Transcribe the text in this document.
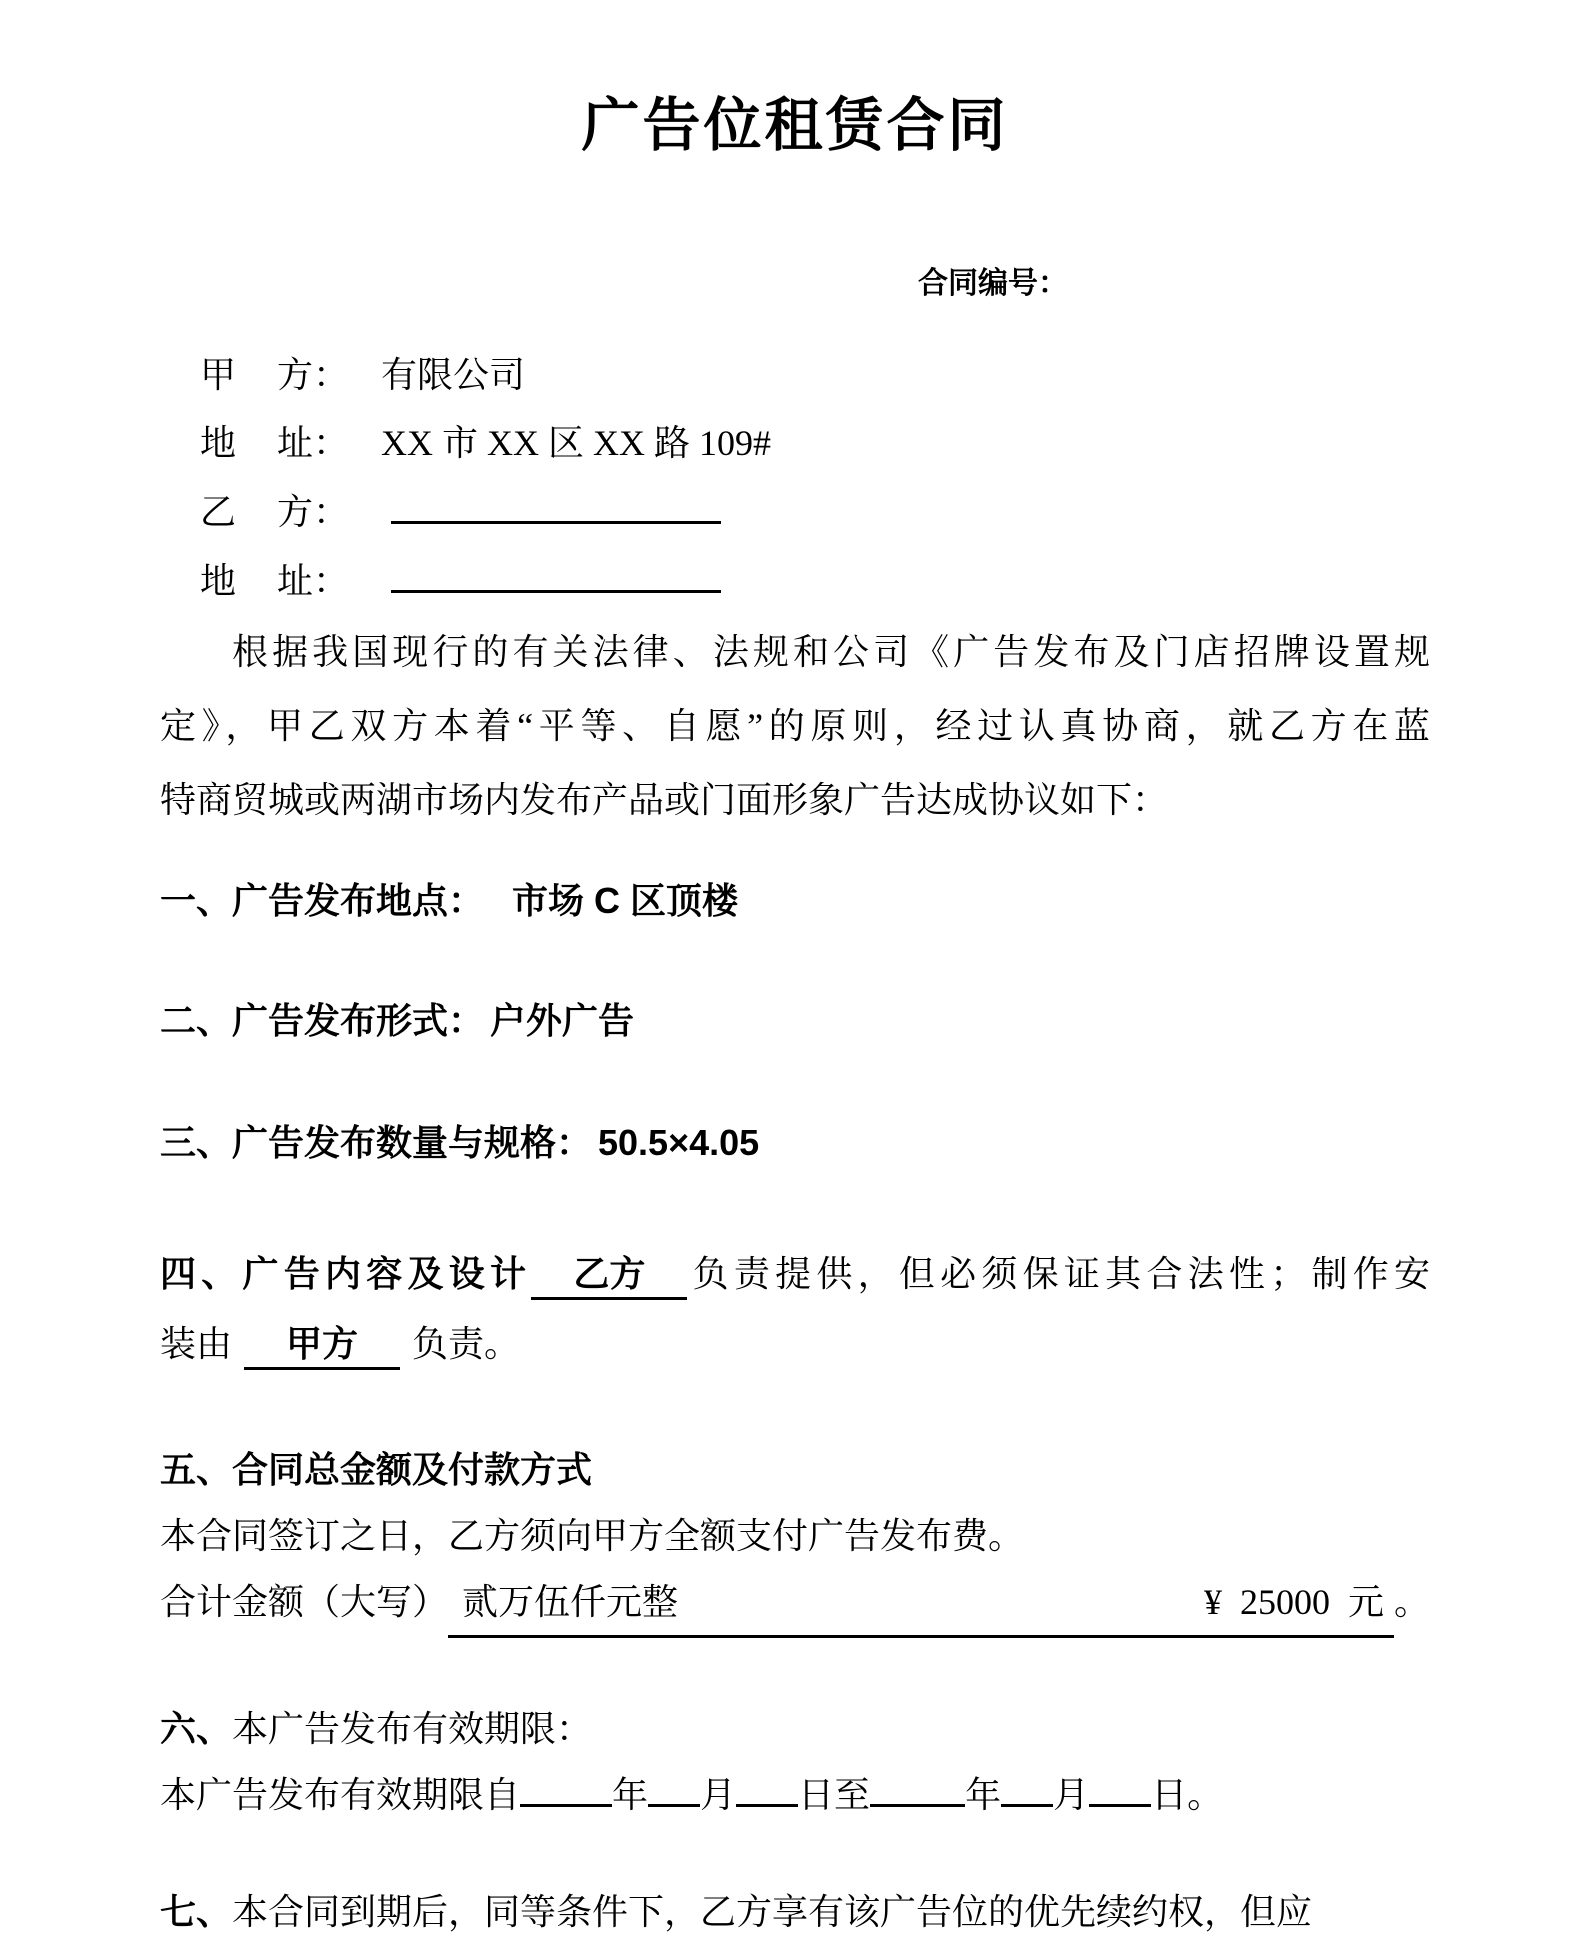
广告位租赁合同
合同编号：
甲 方： 有限公司
地 址： XX 市 XX 区 XX 路 109#
乙 方：
地 址：
根据我国现行的有关法律、法规和公司《广告发布及门店招牌设置规
定》，甲乙双方本着“平等、自愿”的原则，经过认真协商，就乙方在蓝
特商贸城或两湖市场内发布产品或门面形象广告达成协议如下：
一、广告发布地点： 市场 C 区顶楼
二、广告发布形式： 户外广告
三、广告发布数量与规格： 50.5×4.05
四、广告内容及设计 乙方 负责提供，但必须保证其合法性；制作安
装由 甲方 负责。
五、合同总金额及付款方式
本合同签订之日，乙方须向甲方全额支付广告发布费。
合计金额（大写） 贰万伍仟元整	¥ 25000 元 。
六、本广告发布有效期限：
本广告发布有效期限自	年 月 日至	年 月 日。
七、本合同到期后，同等条件下，乙方享有该广告位的优先续约权，但应
